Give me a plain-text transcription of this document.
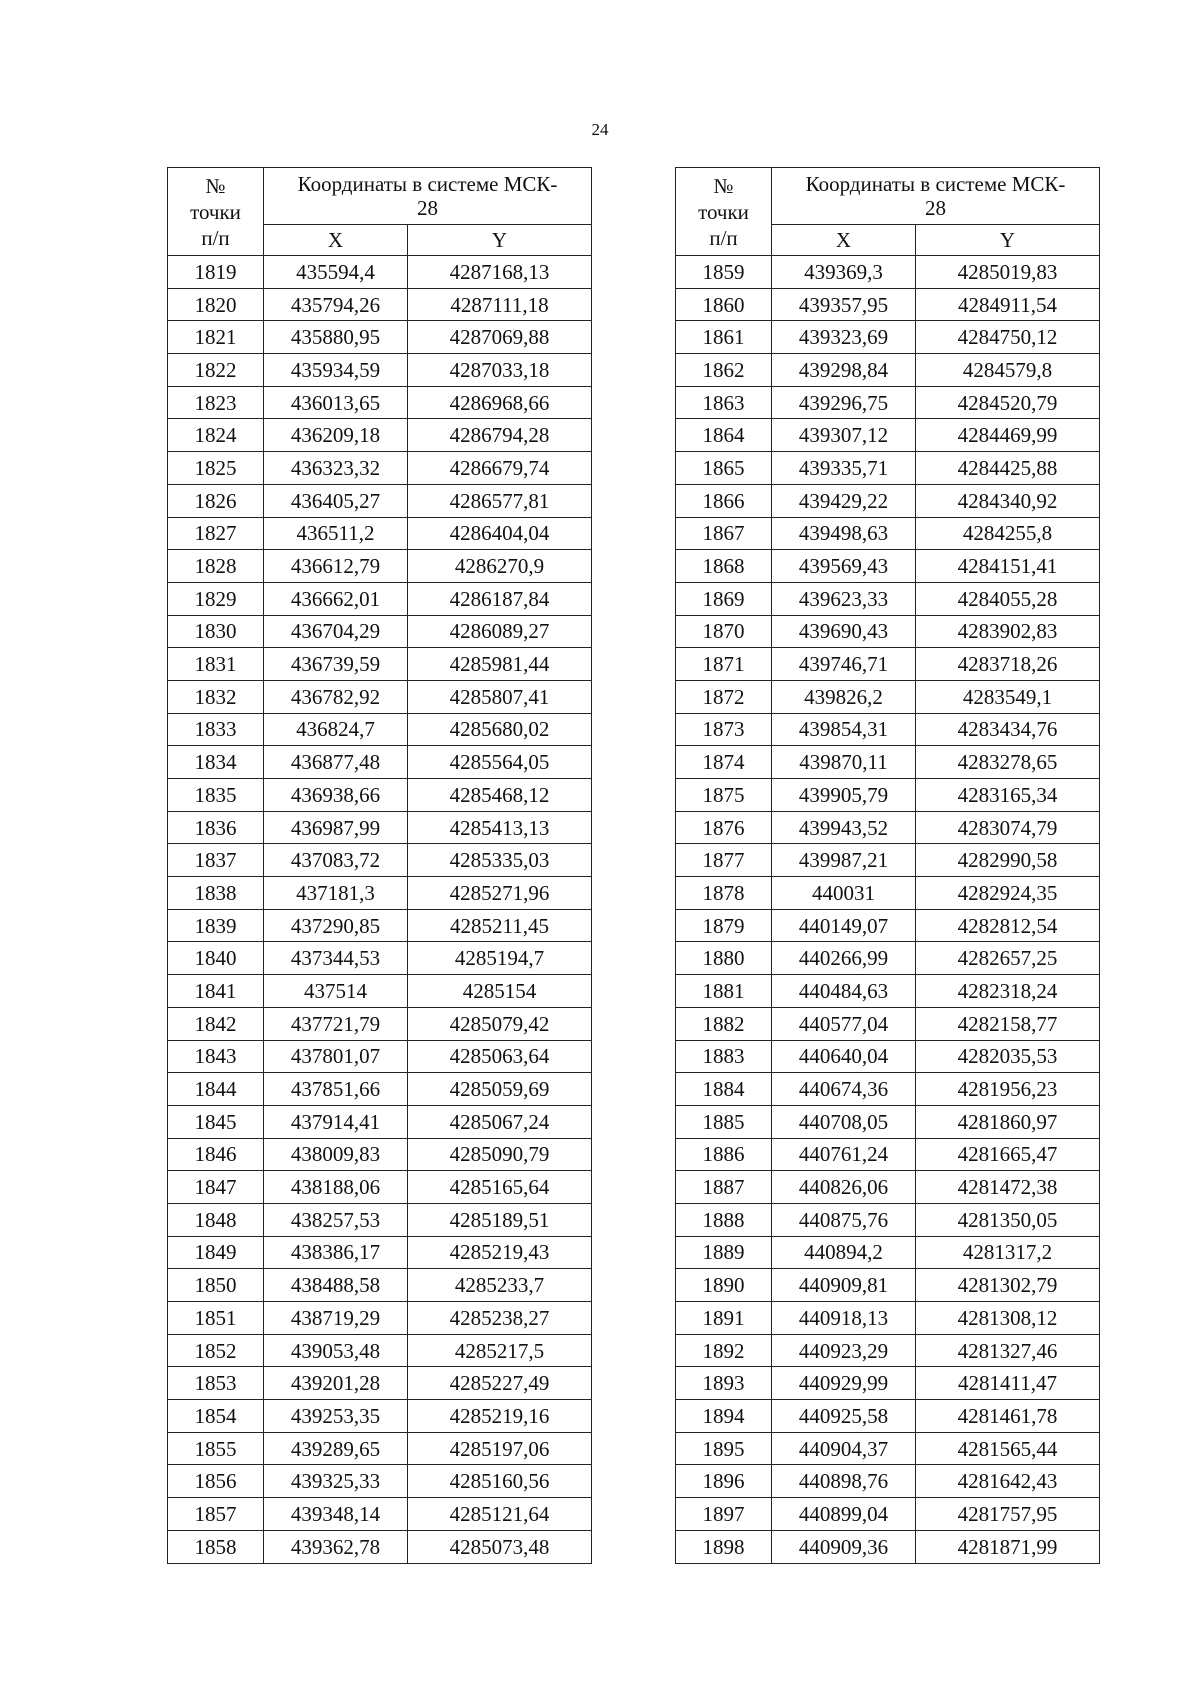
24
№
точки
п/п	Координаты в системе МСК-
28	
	X	Y
1819	435594,4	4287168,13
1820	435794,26	4287111,18
1821	435880,95	4287069,88
1822	435934,59	4287033,18
1823	436013,65	4286968,66
1824	436209,18	4286794,28
1825	436323,32	4286679,74
1826	436405,27	4286577,81
1827	436511,2	4286404,04
1828	436612,79	4286270,9
1829	436662,01	4286187,84
1830	436704,29	4286089,27
1831	436739,59	4285981,44
1832	436782,92	4285807,41
1833	436824,7	4285680,02
1834	436877,48	4285564,05
1835	436938,66	4285468,12
1836	436987,99	4285413,13
1837	437083,72	4285335,03
1838	437181,3	4285271,96
1839	437290,85	4285211,45
1840	437344,53	4285194,7
1841	437514	4285154
1842	437721,79	4285079,42
1843	437801,07	4285063,64
1844	437851,66	4285059,69
1845	437914,41	4285067,24
1846	438009,83	4285090,79
1847	438188,06	4285165,64
1848	438257,53	4285189,51
1849	438386,17	4285219,43
1850	438488,58	4285233,7
1851	438719,29	4285238,27
1852	439053,48	4285217,5
1853	439201,28	4285227,49
1854	439253,35	4285219,16
1855	439289,65	4285197,06
1856	439325,33	4285160,56
1857	439348,14	4285121,64
1858	439362,78	4285073,48
№
точки
п/п	Координаты в системе МСК-
28	
	X	Y
1859	439369,3	4285019,83
1860	439357,95	4284911,54
1861	439323,69	4284750,12
1862	439298,84	4284579,8
1863	439296,75	4284520,79
1864	439307,12	4284469,99
1865	439335,71	4284425,88
1866	439429,22	4284340,92
1867	439498,63	4284255,8
1868	439569,43	4284151,41
1869	439623,33	4284055,28
1870	439690,43	4283902,83
1871	439746,71	4283718,26
1872	439826,2	4283549,1
1873	439854,31	4283434,76
1874	439870,11	4283278,65
1875	439905,79	4283165,34
1876	439943,52	4283074,79
1877	439987,21	4282990,58
1878	440031	4282924,35
1879	440149,07	4282812,54
1880	440266,99	4282657,25
1881	440484,63	4282318,24
1882	440577,04	4282158,77
1883	440640,04	4282035,53
1884	440674,36	4281956,23
1885	440708,05	4281860,97
1886	440761,24	4281665,47
1887	440826,06	4281472,38
1888	440875,76	4281350,05
1889	440894,2	4281317,2
1890	440909,81	4281302,79
1891	440918,13	4281308,12
1892	440923,29	4281327,46
1893	440929,99	4281411,47
1894	440925,58	4281461,78
1895	440904,37	4281565,44
1896	440898,76	4281642,43
1897	440899,04	4281757,95
1898	440909,36	4281871,99
